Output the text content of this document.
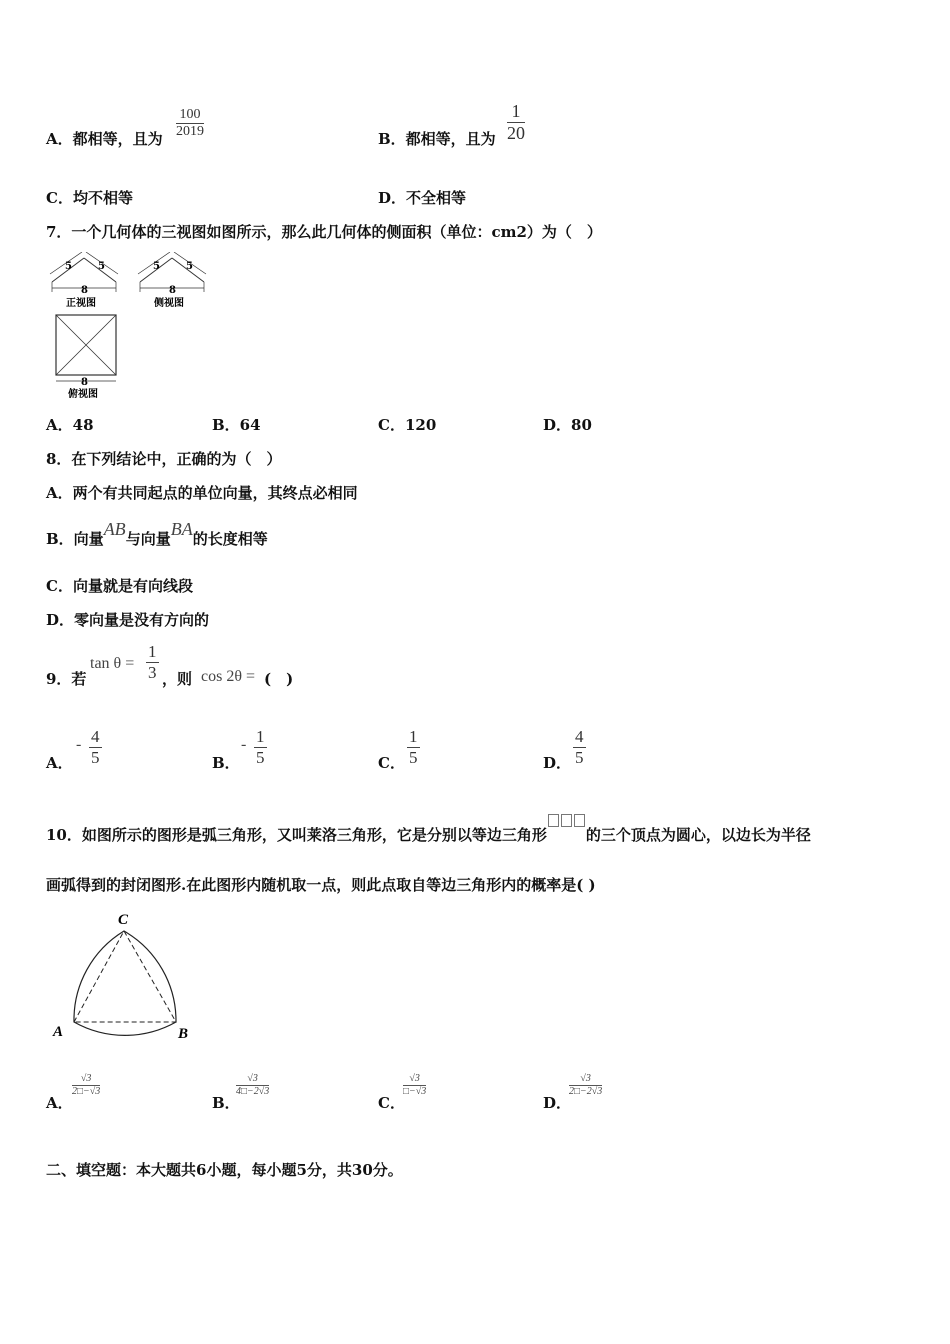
A．都相等，且为 $\frac{100}{2019}$	B．都相等，且为 $\frac{1}{20}$
C．均不相等	D．不全相等
7．一个几何体的三视图如图所示，那么此几何体的侧面积（单位：cm2）为（　）
5	5
8
正视图
5	5
8
侧视图
8
俯视图
A．48	B．64	C．120	D．80
8．在下列结论中，正确的为（　）
A．两个有共同起点的单位向量，其终点必相同
B．向量AB与向量BA的长度相等
C．向量就是有向线段
D．零向量是没有方向的
9．若
$\tan \theta = \frac{1}{3}$ ，则 cos 2θ = (　)
A．
- $\frac{4}{5}$	B．
- $\frac{1}{5}$	C． $\frac{1}{5}$	D． $\frac{4}{5}$
10．如图所示的图形是弧三角形，又叫莱洛三角形，它是分别以等边三角形	的三个顶点为圆心，以边长为半径
画弧得到的封闭图形.在此图形内随机取一点，则此点取自等边三角形内的概率是( )
C
A	B
A．
$\frac{√3}{2□-√3}$
B．
$\frac{√3}{4□-2√3}$
C．
$\frac{√3}{□-√3}$
D．
$\frac{√3}{2□-2√3}$
二、填空题：本大题共6小题，每小题5分，共30分。
